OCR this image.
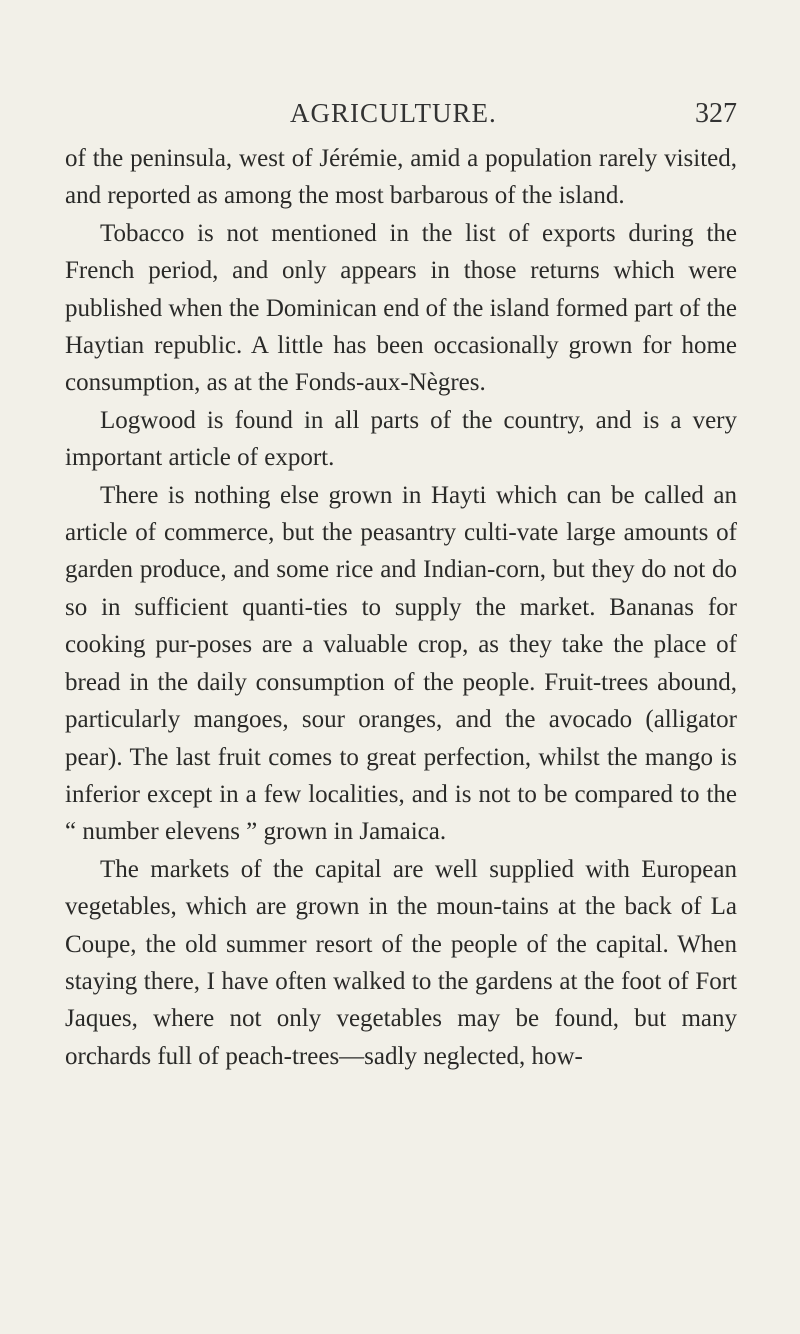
AGRICULTURE.	327

of the peninsula, west of Jérémie, amid a population rarely visited, and reported as among the most barbarous of the island.

Tobacco is not mentioned in the list of exports during the French period, and only appears in those returns which were published when the Dominican end of the island formed part of the Haytian republic. A little has been occasionally grown for home consumption, as at the Fonds-aux-Nègres.

Logwood is found in all parts of the country, and is a very important article of export.

There is nothing else grown in Hayti which can be called an article of commerce, but the peasantry culti-vate large amounts of garden produce, and some rice and Indian-corn, but they do not do so in sufficient quanti-ties to supply the market. Bananas for cooking pur-poses are a valuable crop, as they take the place of bread in the daily consumption of the people. Fruit-trees abound, particularly mangoes, sour oranges, and the avocado (alligator pear). The last fruit comes to great perfection, whilst the mango is inferior except in a few localities, and is not to be compared to the “ number elevens ” grown in Jamaica.

The markets of the capital are well supplied with European vegetables, which are grown in the moun-tains at the back of La Coupe, the old summer resort of the people of the capital. When staying there, I have often walked to the gardens at the foot of Fort Jaques, where not only vegetables may be found, but many orchards full of peach-trees—sadly neglected, how-
